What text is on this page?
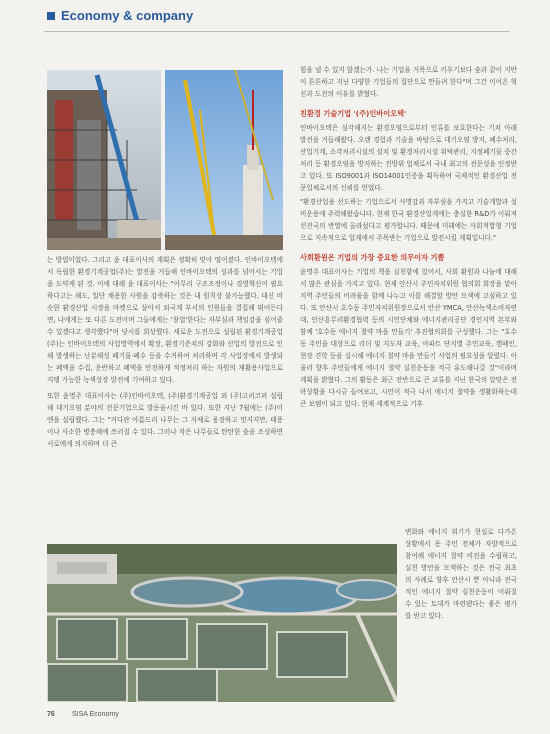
Economy & company

는 방법이었다. 그리고 윤 대표이사의 계획은 정확히 맞아 떨어졌다. 인바이오텍에서 독립한 환경기계공업(주)는 발전을 거듭해 인바이오텍의 성과를 넘어서는 기업을 도약케 된 것. 이에 대해 윤 대표이사는 "아무리 구조조정이나 경영혁신이 필요하다고는 해도, 일단 채용한 사원을 감축하는 것은 내 원칙상 불가능했다. 대신 비슷한 환경산업 시장을 마켓으로 삼아서 외국계 부서의 인원들을 결집해 뛰어든다면, 나에게는 또 다른 도전이며 그들에게는 '창업'한다는 자부심과 책임감을 심어줄 수 있겠다고 생각했다"며 당시를 회상했다. 새로운 도전으로 설립된 환경기계공업(주)는 인바이오텍의 사업영역에서 확장, 환경기준치의 강화와 산업의 발전으로 인해 발생하는 난분해성 폐기물·폐수 등을 수거하여 처리하며 각 사업장에서 발생되는 폐액을 수집, 운반하고 폐액을 안전하게 적정처리 하는 자원의 재활용사업으로 지탱 가능한 녹색성장 발전에 기여하고 있다.

또한 윤명주 대표이사는 (주)인바이오텍, (주)환경기계공업 외 (주)고려코퍼 설립해 대기오염 분야의 전문기업으로 발돋움시킨 바 있다. 또한 지난 7월에는 (주)이엔을 설립했다. 그는 "커다란 아름드리 나무는 그 자체로 웅장하고 멋지지만, 태풍이나 사소한 병충해에 쓰러질 수 있다. 그러나 작은 나무들로 탄탄한 숲을 조성하면 서로에게 의지하며 더 큰

힘을 낼 수 있지 않겠는가. 나는 기업을 거목으로 키우기보다 숲과 같이 지반이 튼튼하고 지닌 다양한 기업들의 집단으로 만들려 한다"며 그간 이어온 혁신과 도전의 이유를 밝혔다.

친환경 기술기업 '(주)인바이오텍'

인바이오텍은 심각해지는 환경오염으로부터 인류를 보호한다는 기치 아래 발전을 거듭해왔다. 오랜 경험과 기술을 바탕으로 대기오염 방지, 폐수처리, 산업기계, 소각처리시설의 설치 및 환경처리시설 위탁관리, 지정폐기물 중간처리 등 환경오염을 방지하는 전방위 업체로서 국내 최고의 전문성을 인정받고 있다. 또 ISO9001과 ISO14001인증을 획득하여 국제적인 환경산업 전문업체로서의 신뢰를 얻었다.

"환경산업을 선도하는 기업으로서 사명감과 자부심을 가지고 기술개발과 설비운용에 주력해왔습니다. 현재 한국 환경산업계에는 충실한 R&D가 이뤄져 선진국의 반열에 올라섰다고 평가합니다. 때문에 미래에는 사회적합형 기업으로 지속적으로 업계에서 주목받는 기업으로 발전시킬 계획입니다."

사회환원은 기업의 가장 중요한 의무이자 기쁨

윤명주 대표이사는 기업의 책을 실천함에 있어서, 사회 환원과 나눔에 대해서 많은 관심을 가지고 있다. 현재 안산시 주민자치위원 협의회 회장을 맡아 지역 주민들의 어려움을 함께 나누고 이를 해결할 방안 모색에 고심하고 있다. 또 안산시 호수동 주민자치위원장으로서 안산 YMCA, 안산녹색소비자연대, 안산흥무리환경협력 등의 시민단체와 에너지관리공단 경인지역 본부와 함께 '호수동 에너지 절약 마을 만들기' 추진협의회를 구성했다. 그는 "호수동 주민을 대상으로 리더 및 지도자 교육, 아파트 단지별 주민교육, 캠페인, 현장 견학 등을 실시해 에너지 절약 마을 만들기 사업의 필요성을 알렸다. 아울러 향후 주민들에게 에너지 절약 실천운동을 적극 유도해나갈 것"이라며 계획을 밝혔다. 그의 활동은 최근 전반으로 큰 교류를 지닌 한국의 알맞은 전략상황을 다시금 들여보고, 시민이 적극 나서 에너지 절약을 생활화하는데 큰 보탬이 되고 있다. 현재 세계적으로 기후

변화와 에너지 위기가 현실로 다가온 상황에서 동 주민 전체가 자발적으로 참여해 에너지 절약 비전을 수립하고, 실천 방안을 모색하는 것은 전국 최초의 사례로 향후 안산시 뿐 아니라 전국적인 에너지 절약 실천운동이 이뤄질 수 있는 토대가 마련됐다는 좋은 평가를 받고 있다.

76 SISA Economy
